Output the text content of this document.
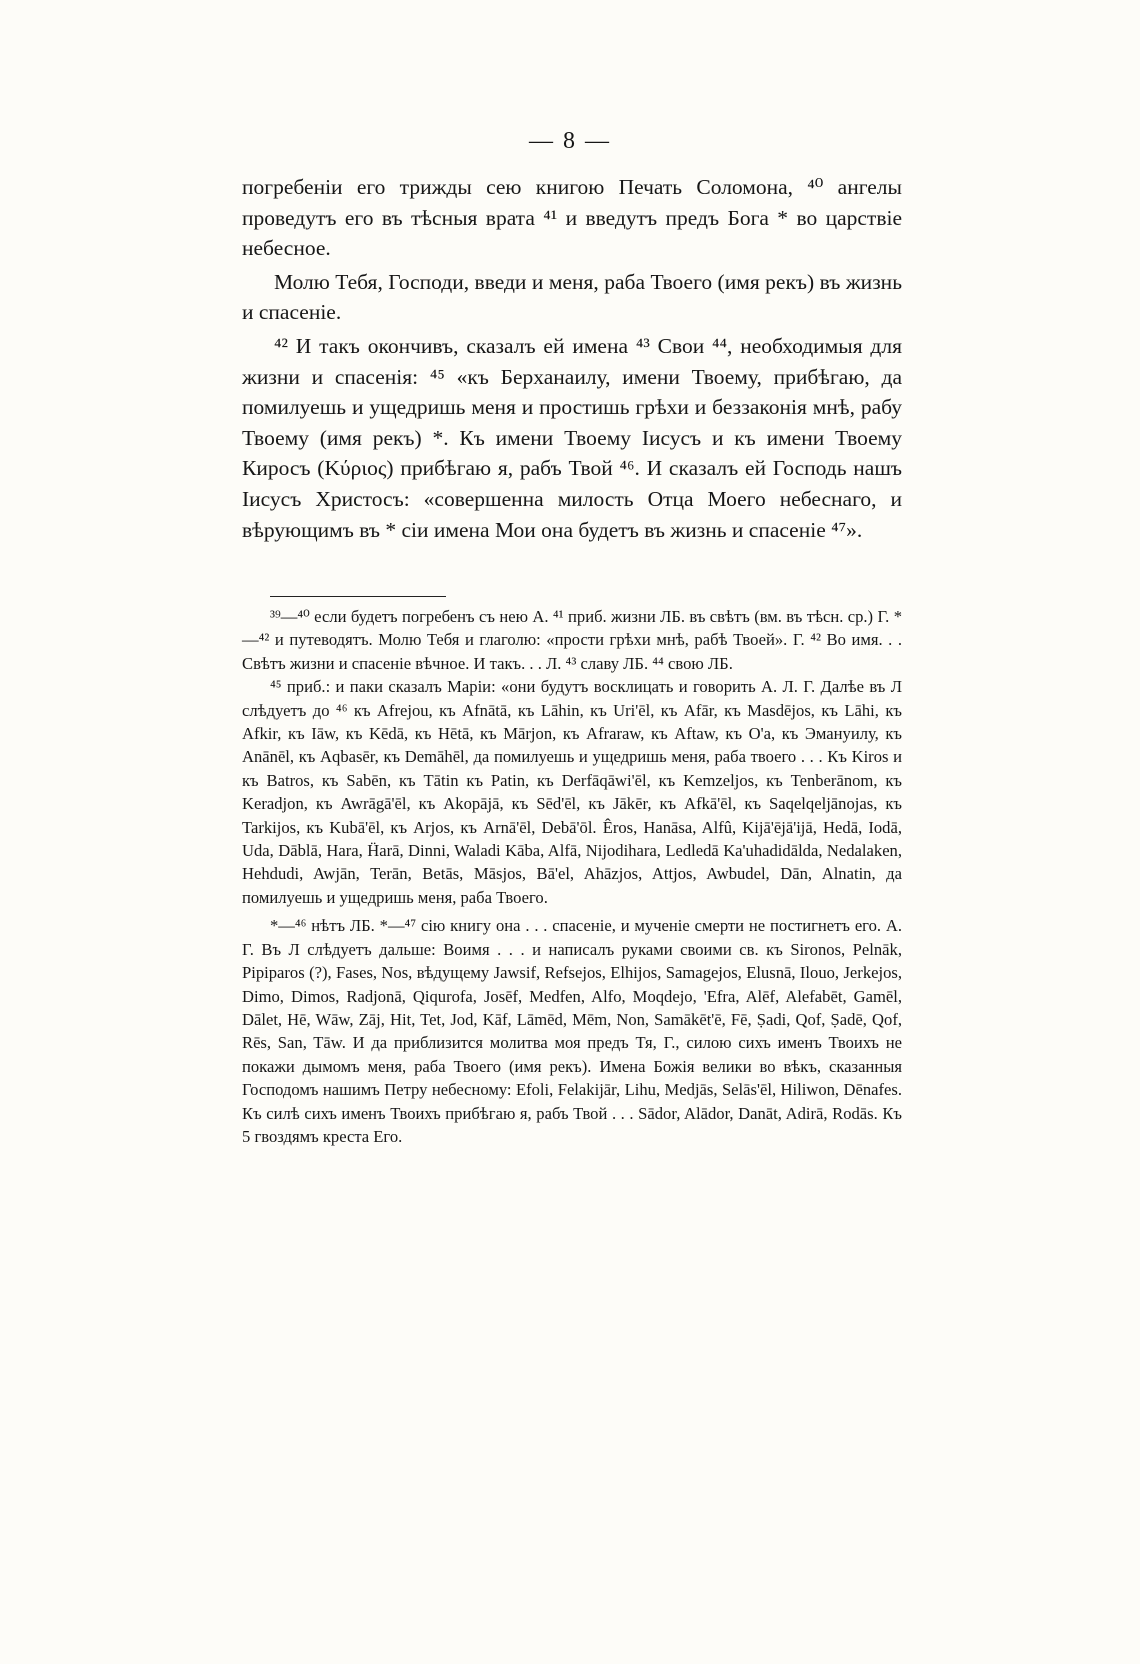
— 8 —

погребеніи его трижды сею книгою Печать Соломона, ⁴⁰ ангелы проведутъ его въ тѣсныя врата ⁴¹ и введутъ предъ Бога * во царствіе небесное.

Молю Тебя, Господи, введи и меня, раба Твоего (имя рекъ) въ жизнь и спасеніе.

⁴² И такъ окончивъ, сказалъ ей имена ⁴³ Свои ⁴⁴, необходимыя для жизни и спасенія: ⁴⁵ «къ Берханаилу, имени Твоему, прибѣгаю, да помилуешь и ущедришь меня и простишь грѣхи и беззаконія мнѣ, рабу Твоему (имя рекъ) *. Къ имени Твоему Іисусъ и къ имени Твоему Киросъ (Κύριος) прибѣгаю я, рабъ Твой ⁴⁶. И сказалъ ей Господь нашъ Іисусъ Христосъ: «совершенна милость Отца Моего небеснаго, и вѣрующимъ въ * сіи имена Мои она будетъ въ жизнь и спасеніе ⁴⁷».

³⁹—⁴⁰ если будетъ погребенъ съ нею А. ⁴¹ приб. жизни ЛБ. въ свѣтъ (вм. въ тѣсн. ср.) Г. *—⁴² и путеводятъ. Молю Тебя и глаголю: «прости грѣхи мнѣ, рабѣ Твоей». Г. ⁴² Во имя. . . Свѣтъ жизни и спасеніе вѣчное. И такъ. . . Л. ⁴³ славу ЛБ. ⁴⁴ свою ЛБ.

⁴⁵ приб.: и паки сказалъ Маріи: «они будутъ восклицать и говорить А. Л. Г. Далѣе въ Л слѣдуетъ до ⁴⁶ къ Afrejou, къ Afnātā, къ Lāhin, къ Uri'ēl, къ Afār, къ Masdējos, къ Lāhi, къ Afkir, къ Iāw, къ Kēdā, къ Hētā, къ Mārjon, къ Afraraw, къ Aftaw, къ О'а, къ Эмануилу, къ Anānēl, къ Aqbasēr, къ Demāhēl, да помилуешь и ущедришь меня, раба твоего . . . Къ Kiros и къ Batros, къ Sabēn, къ Tātin къ Patin, къ Derfāqāwi'ēl, къ Kemzeljos, къ Tenberānom, къ Keradjon, къ Awrāgā'ēl, къ Akopājā, къ Sēd'ēl, къ Jākēr, къ Afkā'ēl, къ Saqelqeljānojas, къ Tarkijos, къ Kubā'ēl, къ Arjos, къ Arnā'ēl, Debā'ōl. Êros, Hanāsa, Alfû, Kijā'ējā'ijā, Hedā, Iodā, Uda, Dāblā, Hara, Ḧarā, Dinni, Waladi Kāba, Alfā, Nijodihara, Ledledā Ka'uhadidālda, Nedalaken, Hehdudi, Awjān, Terān, Betās, Māsjos, Bā'el, Ahāzjos, Attjos, Awbudel, Dān, Alnatin, да помилуешь и ущедришь меня, раба Твоего.

*—⁴⁶ нѣтъ ЛБ. *—⁴⁷ сію книгу она . . . спасеніе, и мученіе смерти не постигнетъ его. А. Г. Въ Л слѣдуетъ дальше: Воимя . . . и написалъ руками своими св. къ Sironos, Pelnāk, Pipiparos (?), Fases, Nos, вѣдущему Jawsif, Refsejos, Elhijos, Samagejos, Elusnā, Ilouo, Jerkejos, Dimo, Dimos, Radjonā, Qiqurofa, Josēf, Medfen, Alfo, Moqdejo, 'Efra, Alēf, Alefabēt, Gamēl, Dālet, Hē, Wāw, Zāj, Hit, Tet, Jod, Kāf, Lāmēd, Mēm, Non, Samākēt'ē, Fē, Ṣadi, Qof, Ṣadē, Qof, Rēs, San, Tāw. И да приблизится молитва моя предъ Тя, Г., силою сихъ именъ Твоихъ не покажи дымомъ меня, раба Твоего (имя рекъ). Имена Божія велики во вѣкъ, сказанныя Господомъ нашимъ Петру небесному: Efoli, Felakijār, Lihu, Medjās, Selās'ēl, Hiliwon, Dēnafes. Къ силѣ сихъ именъ Твоихъ прибѣгаю я, рабъ Твой . . . Sādor, Alādor, Danāt, Adirā, Rodās. Къ 5 гвоздямъ креста Его.
